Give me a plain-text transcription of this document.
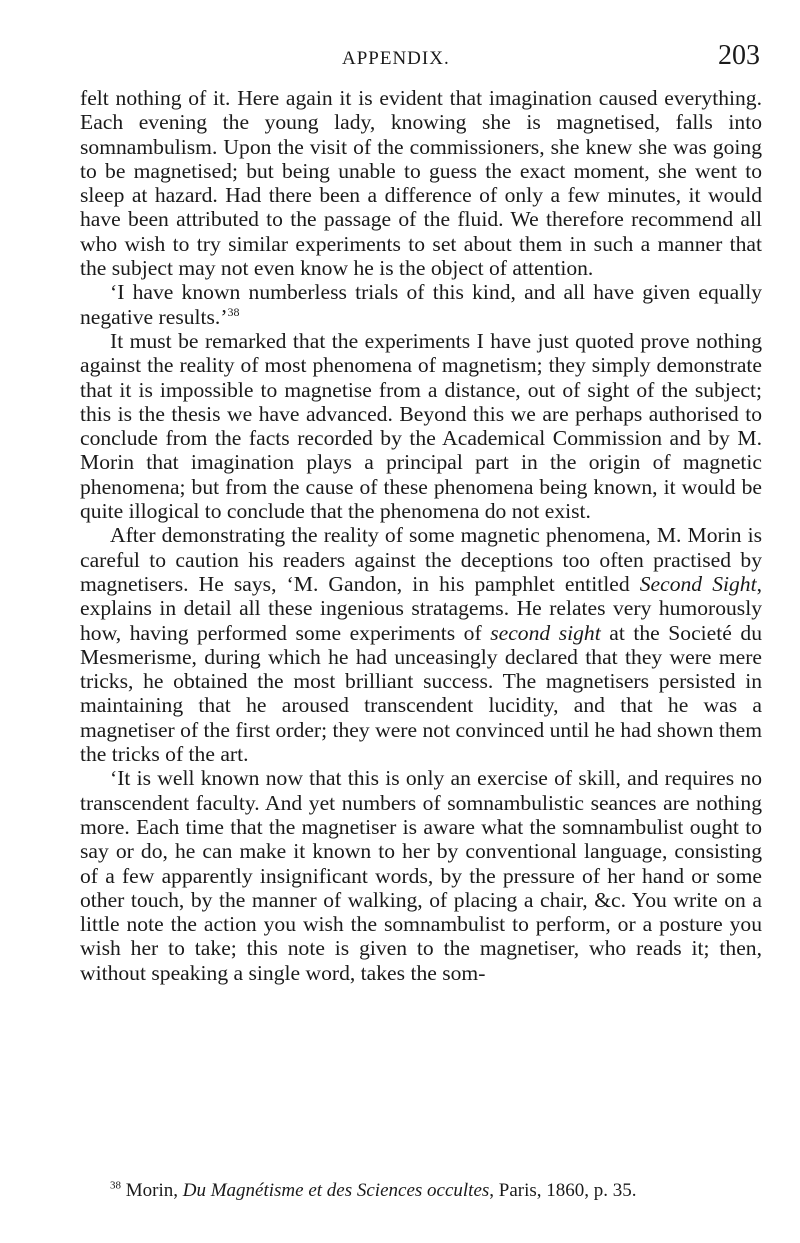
APPENDIX.	203

felt nothing of it. Here again it is evident that imagination caused everything. Each evening the young lady, knowing she is magnetised, falls into somnambulism. Upon the visit of the commissioners, she knew she was going to be magnetised; but being unable to guess the exact moment, she went to sleep at hazard. Had there been a difference of only a few minutes, it would have been attributed to the passage of the fluid. We therefore recommend all who wish to try similar experiments to set about them in such a manner that the subject may not even know he is the object of attention.

‘I have known numberless trials of this kind, and all have given equally negative results.’$^{38}$

It must be remarked that the experiments I have just quoted prove nothing against the reality of most phenomena of magnetism; they simply demonstrate that it is impossible to magnetise from a distance, out of sight of the subject; this is the thesis we have advanced. Beyond this we are perhaps authorised to conclude from the facts recorded by the Academical Commission and by M. Morin that imagination plays a principal part in the origin of magnetic phenomena; but from the cause of these phenomena being known, it would be quite illogical to conclude that the phenomena do not exist.

After demonstrating the reality of some magnetic phenomena, M. Morin is careful to caution his readers against the deceptions too often practised by magnetisers. He says, ‘M. Gandon, in his pamphlet entitled Second Sight, explains in detail all these ingenious stratagems. He relates very humorously how, having performed some experiments of second sight at the Societé du Mesmerisme, during which he had unceasingly declared that they were mere tricks, he obtained the most brilliant success. The magnetisers persisted in maintaining that he aroused transcendent lucidity, and that he was a magnetiser of the first order; they were not convinced until he had shown them the tricks of the art.

‘It is well known now that this is only an exercise of skill, and requires no transcendent faculty. And yet numbers of somnambulistic seances are nothing more. Each time that the magnetiser is aware what the somnambulist ought to say or do, he can make it known to her by conventional language, consisting of a few apparently insignificant words, by the pressure of her hand or some other touch, by the manner of walking, of placing a chair, &c. You write on a little note the action you wish the somnambulist to perform, or a posture you wish her to take; this note is given to the magnetiser, who reads it; then, without speaking a single word, takes the som-

$^{38}$ Morin, Du Magnétisme et des Sciences occultes, Paris, 1860, p. 35.
